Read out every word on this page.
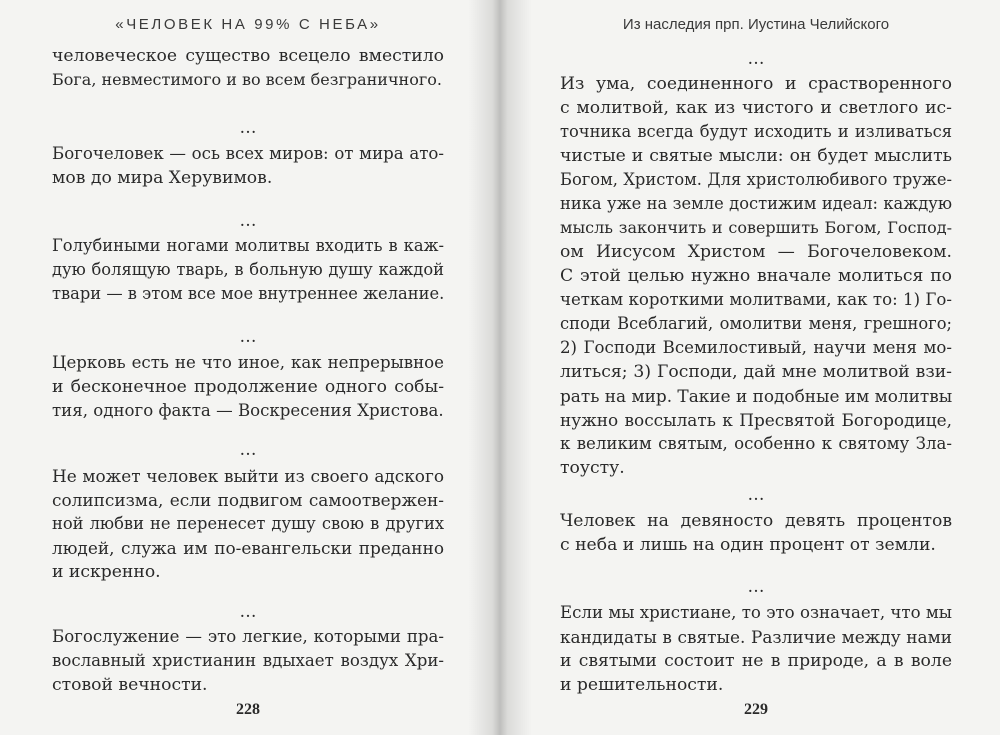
«ЧЕЛОВЕК НА 99% С НЕБА»
человеческое существо всецело вместило
Бога, невместимого и во всем безграничного.
…
Богочеловек — ось всех миров: от мира ато-
мов до мира Херувимов.
…
Голубиными ногами молитвы входить в каж-
дую болящую тварь, в больную душу каждой
твари — в этом все мое внутреннее желание.
…
Церковь есть не что иное, как непрерывное
и бесконечное продолжение одного собы-
тия, одного факта — Воскресения Христова.
…
Не может человек выйти из своего адского
солипсизма, если подвигом самоотвержен-
ной любви не перенесет душу свою в других
людей, служа им по-евангельски преданно
и искренно.
…
Богослужение — это легкие, которыми пра-
вославный христианин вдыхает воздух Хри-
стовой вечности.
228
Из наследия прп. Иустина Челийского
…
Из ума, соединенного и срастворенного
с молитвой, как из чистого и светлого ис-
точника всегда будут исходить и изливаться
чистые и святые мысли: он будет мыслить
Богом, Христом. Для христолюбивого труже-
ника уже на земле достижим идеал: каждую
мысль закончить и совершить Богом, Господ-
ом Иисусом Христом — Богочеловеком.
С этой целью нужно вначале молиться по
четкам короткими молитвами, как то: 1) Го-
споди Всеблагий, омолитви меня, грешного;
2) Господи Всемилостивый, научи меня мо-
литься; 3) Господи, дай мне молитвой взи-
рать на мир. Такие и подобные им молитвы
нужно воссылать к Пресвятой Богородице,
к великим святым, особенно к святому Зла-
тоусту.
…
Человек на девяносто девять процентов
с неба и лишь на один процент от земли.
…
Если мы христиане, то это означает, что мы
кандидаты в святые. Различие между нами
и святыми состоит не в природе, а в воле
и решительности.
229
